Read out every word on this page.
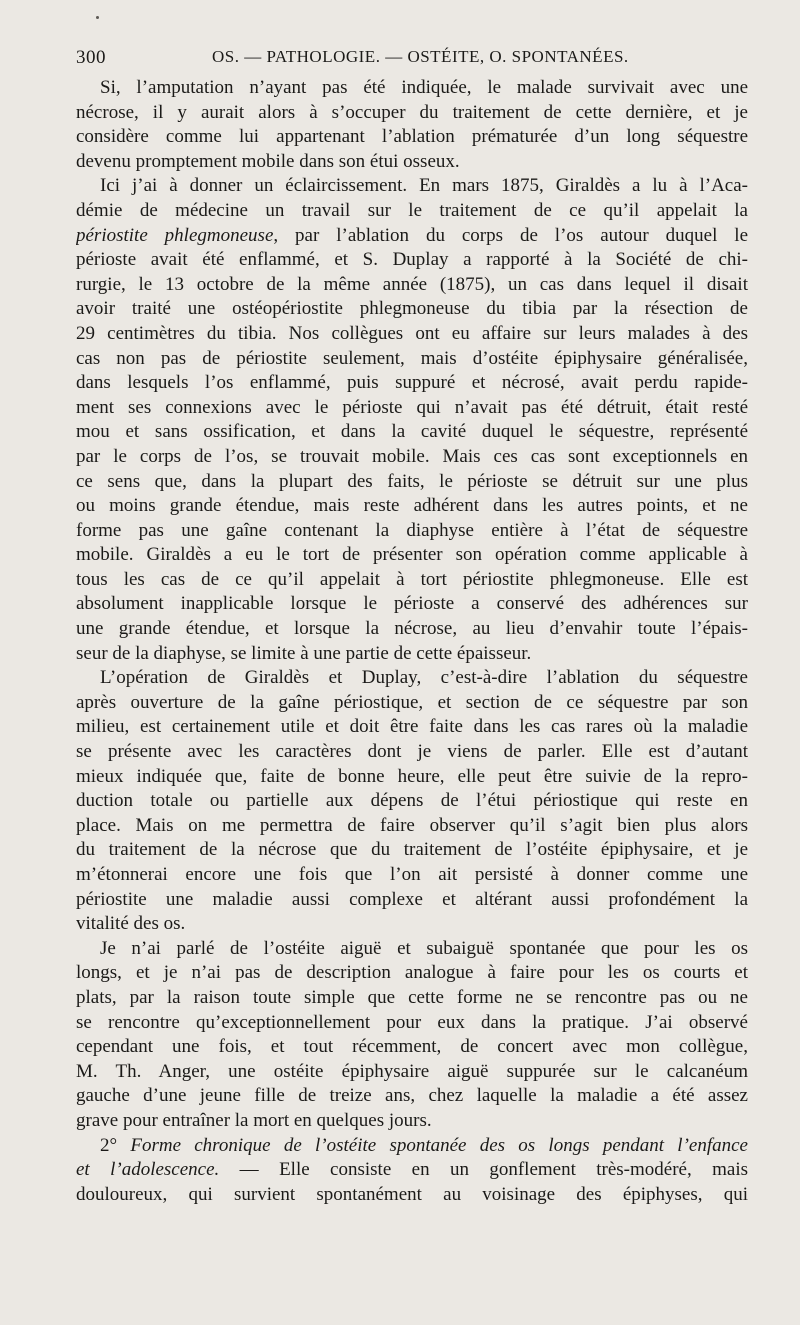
300	OS. — PATHOLOGIE. — OSTÉITE, O. SPONTANÉES.
Si, l’amputation n’ayant pas été indiquée, le malade survivait avec une
nécrose, il y aurait alors à s’occuper du traitement de cette dernière, et je
considère comme lui appartenant l’ablation prématurée d’un long séquestre
devenu promptement mobile dans son étui osseux.
Ici j’ai à donner un éclaircissement. En mars 1875, Giraldès a lu à l’Aca-
démie de médecine un travail sur le traitement de ce qu’il appelait la
périostite phlegmoneuse, par l’ablation du corps de l’os autour duquel le
périoste avait été enflammé, et S. Duplay a rapporté à la Société de chi-
rurgie, le 13 octobre de la même année (1875), un cas dans lequel il disait
avoir traité une ostéopériostite phlegmoneuse du tibia par la résection de
29 centimètres du tibia. Nos collègues ont eu affaire sur leurs malades à des
cas non pas de périostite seulement, mais d’ostéite épiphysaire généralisée,
dans lesquels l’os enflammé, puis suppuré et nécrosé, avait perdu rapide-
ment ses connexions avec le périoste qui n’avait pas été détruit, était resté
mou et sans ossification, et dans la cavité duquel le séquestre, représenté
par le corps de l’os, se trouvait mobile. Mais ces cas sont exceptionnels en
ce sens que, dans la plupart des faits, le périoste se détruit sur une plus
ou moins grande étendue, mais reste adhérent dans les autres points, et ne
forme pas une gaîne contenant la diaphyse entière à l’état de séquestre
mobile. Giraldès a eu le tort de présenter son opération comme applicable à
tous les cas de ce qu’il appelait à tort périostite phlegmoneuse. Elle est
absolument inapplicable lorsque le périoste a conservé des adhérences sur
une grande étendue, et lorsque la nécrose, au lieu d’envahir toute l’épais-
seur de la diaphyse, se limite à une partie de cette épaisseur.
L’opération de Giraldès et Duplay, c’est-à-dire l’ablation du séquestre
après ouverture de la gaîne périostique, et section de ce séquestre par son
milieu, est certainement utile et doit être faite dans les cas rares où la maladie
se présente avec les caractères dont je viens de parler. Elle est d’autant
mieux indiquée que, faite de bonne heure, elle peut être suivie de la repro-
duction totale ou partielle aux dépens de l’étui périostique qui reste en
place. Mais on me permettra de faire observer qu’il s’agit bien plus alors
du traitement de la nécrose que du traitement de l’ostéite épiphysaire, et je
m’étonnerai encore une fois que l’on ait persisté à donner comme une
périostite une maladie aussi complexe et altérant aussi profondément la
vitalité des os.
Je n’ai parlé de l’ostéite aiguë et subaiguë spontanée que pour les os
longs, et je n’ai pas de description analogue à faire pour les os courts et
plats, par la raison toute simple que cette forme ne se rencontre pas ou ne
se rencontre qu’exceptionnellement pour eux dans la pratique. J’ai observé
cependant une fois, et tout récemment, de concert avec mon collègue,
M. Th. Anger, une ostéite épiphysaire aiguë suppurée sur le calcanéum
gauche d’une jeune fille de treize ans, chez laquelle la maladie a été assez
grave pour entraîner la mort en quelques jours.
2° Forme chronique de l’ostéite spontanée des os longs pendant l’enfance
et l’adolescence. — Elle consiste en un gonflement très-modéré, mais
douloureux, qui survient spontanément au voisinage des épiphyses, qui
